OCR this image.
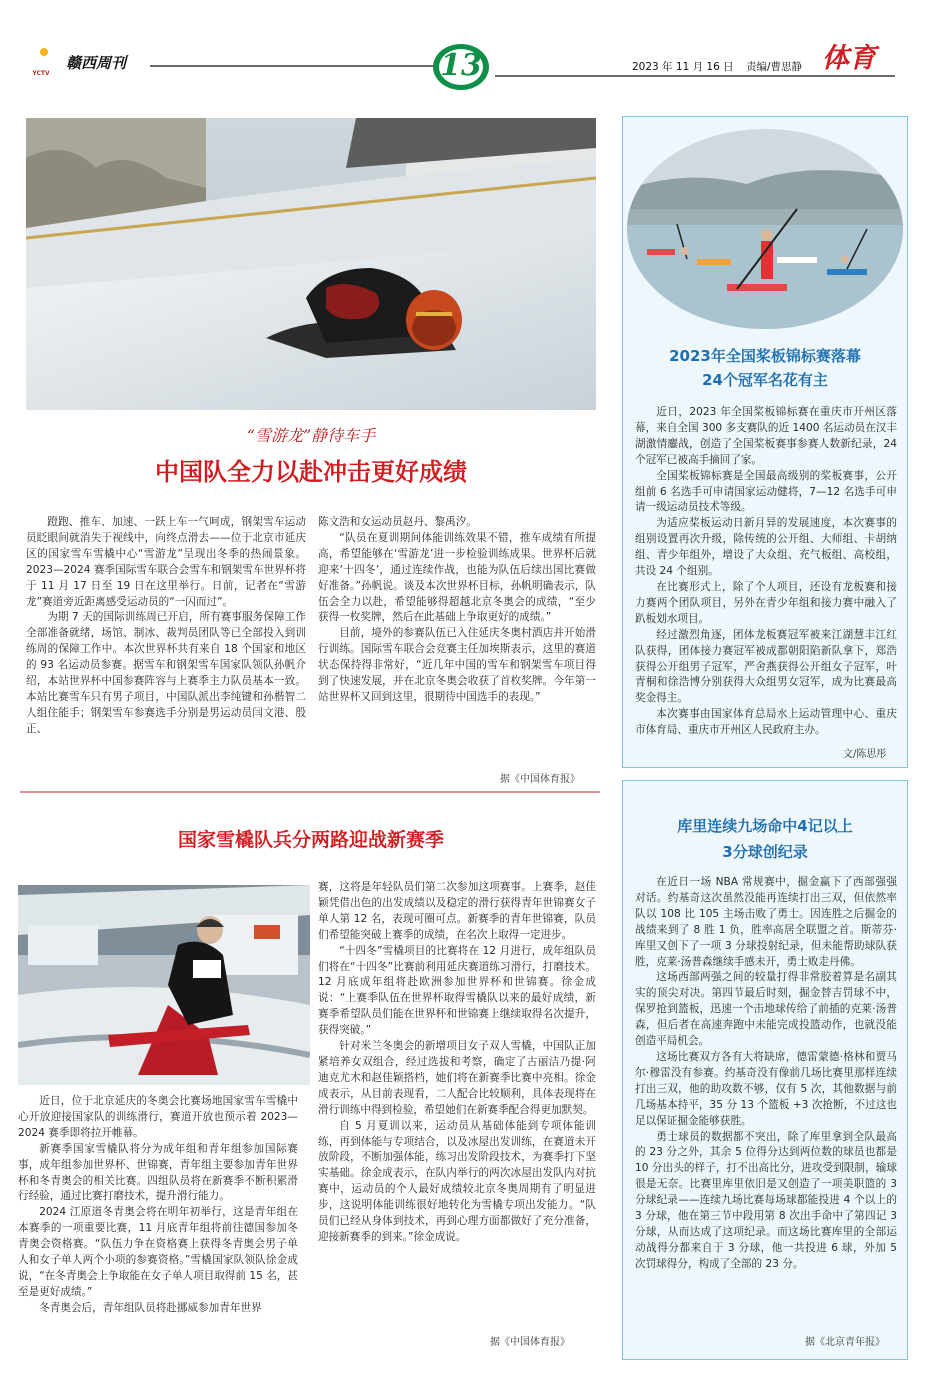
YCTV
赣西周刊	13	2023 年 11 月 16 日 责编/曹思静 体育
“雪游龙”静待车手
中国队全力以赴冲击更好成绩

蹬跑、推车、加速、一跃上车一气呵成，钢架雪车运动员眨眼间就消失于视线中，向终点滑去——位于北京市延庆区的国家雪车雪橇中心“雪游龙”呈现出冬季的热闹景象。2023—2024 赛季国际雪车联合会雪车和钢架雪车世界杯将于 11 月 17 日至 19 日在这里举行。日前，记者在“雪游龙”赛道旁近距离感受运动员的“一闪而过”。

为期 7 天的国际训练周已开启，所有赛事服务保障工作全部准备就绪，场馆、制冰、裁判员团队等已全部投入到训练周的保障工作中。本次世界杯共有来自 18 个国家和地区的 93 名运动员参赛。据雪车和钢架雪车国家队领队孙帆介绍，本站世界杯中国参赛阵容与上赛季主力队员基本一致。本站比赛雪车只有男子项目，中国队派出李纯键和孙楷智二人组住能手；钢架雪车参赛选手分别是男运动员闫文港、殷正、

陈文浩和女运动员赵丹、黎禹汐。

“队员在夏训期间体能训练效果不错，推车成绩有所提高，希望能够在‘雪游龙’进一步检验训练成果。世界杯后就迎来‘十四冬’，通过连续作战，也能为队伍后续出国比赛做好准备。”孙帆说。谈及本次世界杯目标，孙帆明确表示，队伍会全力以赴，希望能够得超越北京冬奥会的成绩，“至少获得一枚奖牌，然后在此基础上争取更好的成绩。”

目前，境外的参赛队伍已入住延庆冬奥村酒店并开始滑行训练。国际雪车联合会竞赛主任加埃斯表示，这里的赛道状态保持得非常好，“近几年中国的雪车和钢架雪车项目得到了快速发展，并在北京冬奥会收获了首枚奖牌。今年第一站世界杯又回到这里，很期待中国选手的表现。”

据《中国体育报》
国家雪橇队兵分两路迎战新赛季

近日，位于北京延庆的冬奥会比赛场地国家雪车雪橇中心开放迎接国家队的训练滑行，赛道开放也预示着 2023—2024 赛季即将拉开帷幕。

新赛季国家雪橇队将分为成年组和青年组参加国际赛事，成年组参加世界杯、世锦赛，青年组主要参加青年世界杯和冬青奥会的相关比赛。四组队员将在新赛季不断积累滑行经验，通过比赛打磨技术，提升滑行能力。

2024 江原道冬青奥会将在明年初举行，这是青年组在本赛季的一项重要比赛，11 月底青年组将前往德国参加冬青奥会资格赛。“队伍力争在资格赛上获得冬青奥会男子单人和女子单人两个小项的参赛资格。”雪橇国家队领队徐金成说，“在冬青奥会上争取能在女子单人项目取得前 15 名，甚至是更好成绩。”

冬青奥会后，青年组队员将赴挪威参加青年世界

赛，这将是年轻队员们第二次参加这项赛事。上赛季，赵佳颖凭借出色的出发成绩以及稳定的滑行获得青年世锦赛女子单人第 12 名，表现可圈可点。新赛季的青年世锦赛，队员们希望能突破上赛季的成绩，在名次上取得一定进步。

“十四冬”雪橇项目的比赛将在 12 月进行，成年组队员们将在“十四冬”比赛前利用延庆赛道练习滑行，打磨技术。12 月底成年组将赴欧洲参加世界杯和世锦赛。徐金成说：“上赛季队伍在世界杯取得雪橇队以来的最好成绩，新赛季希望队员们能在世界杯和世锦赛上继续取得名次提升，获得突破。”

针对米兰冬奥会的新增项目女子双人雪橇，中国队正加紧培养女双组合，经过选拔和考察，确定了古丽洁乃提·阿迪克尤木和赵佳颖搭档，她们将在新赛季比赛中亮相。徐金成表示，从目前表现看，二人配合比较顺利，具体表现将在滑行训练中得到检验，希望她们在新赛季配合得更加默契。

自 5 月夏训以来，运动员从基础体能到专项体能训练，再到体能与专项结合，以及冰屋出发训练，在赛道未开放阶段，不断加强体能，练习出发阶段技术，为赛季打下坚实基础。徐金成表示，在队内举行的两次冰屋出发队内对抗赛中，运动员的个人最好成绩较北京冬奥周期有了明显进步，这说明体能训练很好地转化为雪橇专项出发能力。“队员们已经从身体到技术，再到心理方面都做好了充分准备，迎接新赛季的到来。”徐金成说。

据《中国体育报》
2023年全国桨板锦标赛落幕
24个冠军名花有主

近日，2023 年全国桨板锦标赛在重庆市开州区落幕，来自全国 300 多支赛队的近 1400 名运动员在汉丰湖激情鏖战，创造了全国桨板赛事参赛人数新纪录，24 个冠军已被高手摘回了家。

全国桨板锦标赛是全国最高级别的桨板赛事，公开组前 6 名选手可申请国家运动健将，7—12 名选手可申请一级运动员技术等级。

为适应桨板运动日新月异的发展速度，本次赛事的组别设置再次升级，除传统的公开组、大师组、卡胡纳组、青少年组外，增设了大众组、充气板组、高校组，共设 24 个组别。

在比赛形式上，除了个人项目，还设有龙板赛和接力赛两个团队项目，另外在青少年组和接力赛中融入了趴板划水项目。

经过激烈角逐，团体龙板赛冠军被来江湖慧丰江红队获得，团体接力赛冠军被成都朝阳陷新队拿下，郑浩获得公开组男子冠军，严舍燕获得公开组女子冠军，叶青桐和徐浩博分别获得大众组男女冠军，成为比赛最高奖金得主。

本次赛事由国家体育总局水上运动管理中心、重庆市体育局、重庆市开州区人民政府主办。

文/陈思彤
库里连续九场命中4记以上
3分球创纪录

在近日一场 NBA 常规赛中，掘金赢下了西部强强对话。约基奇这次虽然没能再连续打出三双，但依然率队以 108 比 105 主场击败了勇士。因连胜之后掘金的战绩来到了 8 胜 1 负，胜率高居全联盟之首。斯蒂芬·库里又创下了一项 3 分球投射纪录，但未能帮助球队获胜，克莱·汤普森继续手感未开，勇士败走丹佛。

这场西部两强之间的较量打得非常胶着算是名副其实的顶尖对决。第四节最后时刻，掘金替吉罚球不中，保罗抢到篮板，迅速一个击地球传给了前插的克莱·汤普森，但后者在高速奔跑中未能完成投篮动作，也就没能创造平局机会。

这场比赛双方各有大将缺席，德雷蒙德·格林和贾马尔·穆雷没有参赛。约基奇没有像前几场比赛里那样连续打出三双，他的助攻数不够，仅有 5 次，其他数据与前几场基本持平，35 分 13 个篮板 +3 次抢断，不过这也足以保证掘金能够获胜。

勇士球员的数据都不突出，除了库里拿到全队最高的 23 分之外，其余 5 位得分达到两位数的球员也都是 10 分出头的样子，打不出高比分，进攻受到限制，输球很是无奈。比赛里库里依旧是又创造了一项美职篮的 3 分球纪录——连续九场比赛每场球都能投进 4 个以上的 3 分球，他在第三节中段用第 8 次出手命中了第四记 3 分球，从而达成了这项纪录。而这场比赛库里的全部运动战得分都来自于 3 分球，他一共投进 6 球，外加 5 次罚球得分，构成了全部的 23 分。

据《北京青年报》
